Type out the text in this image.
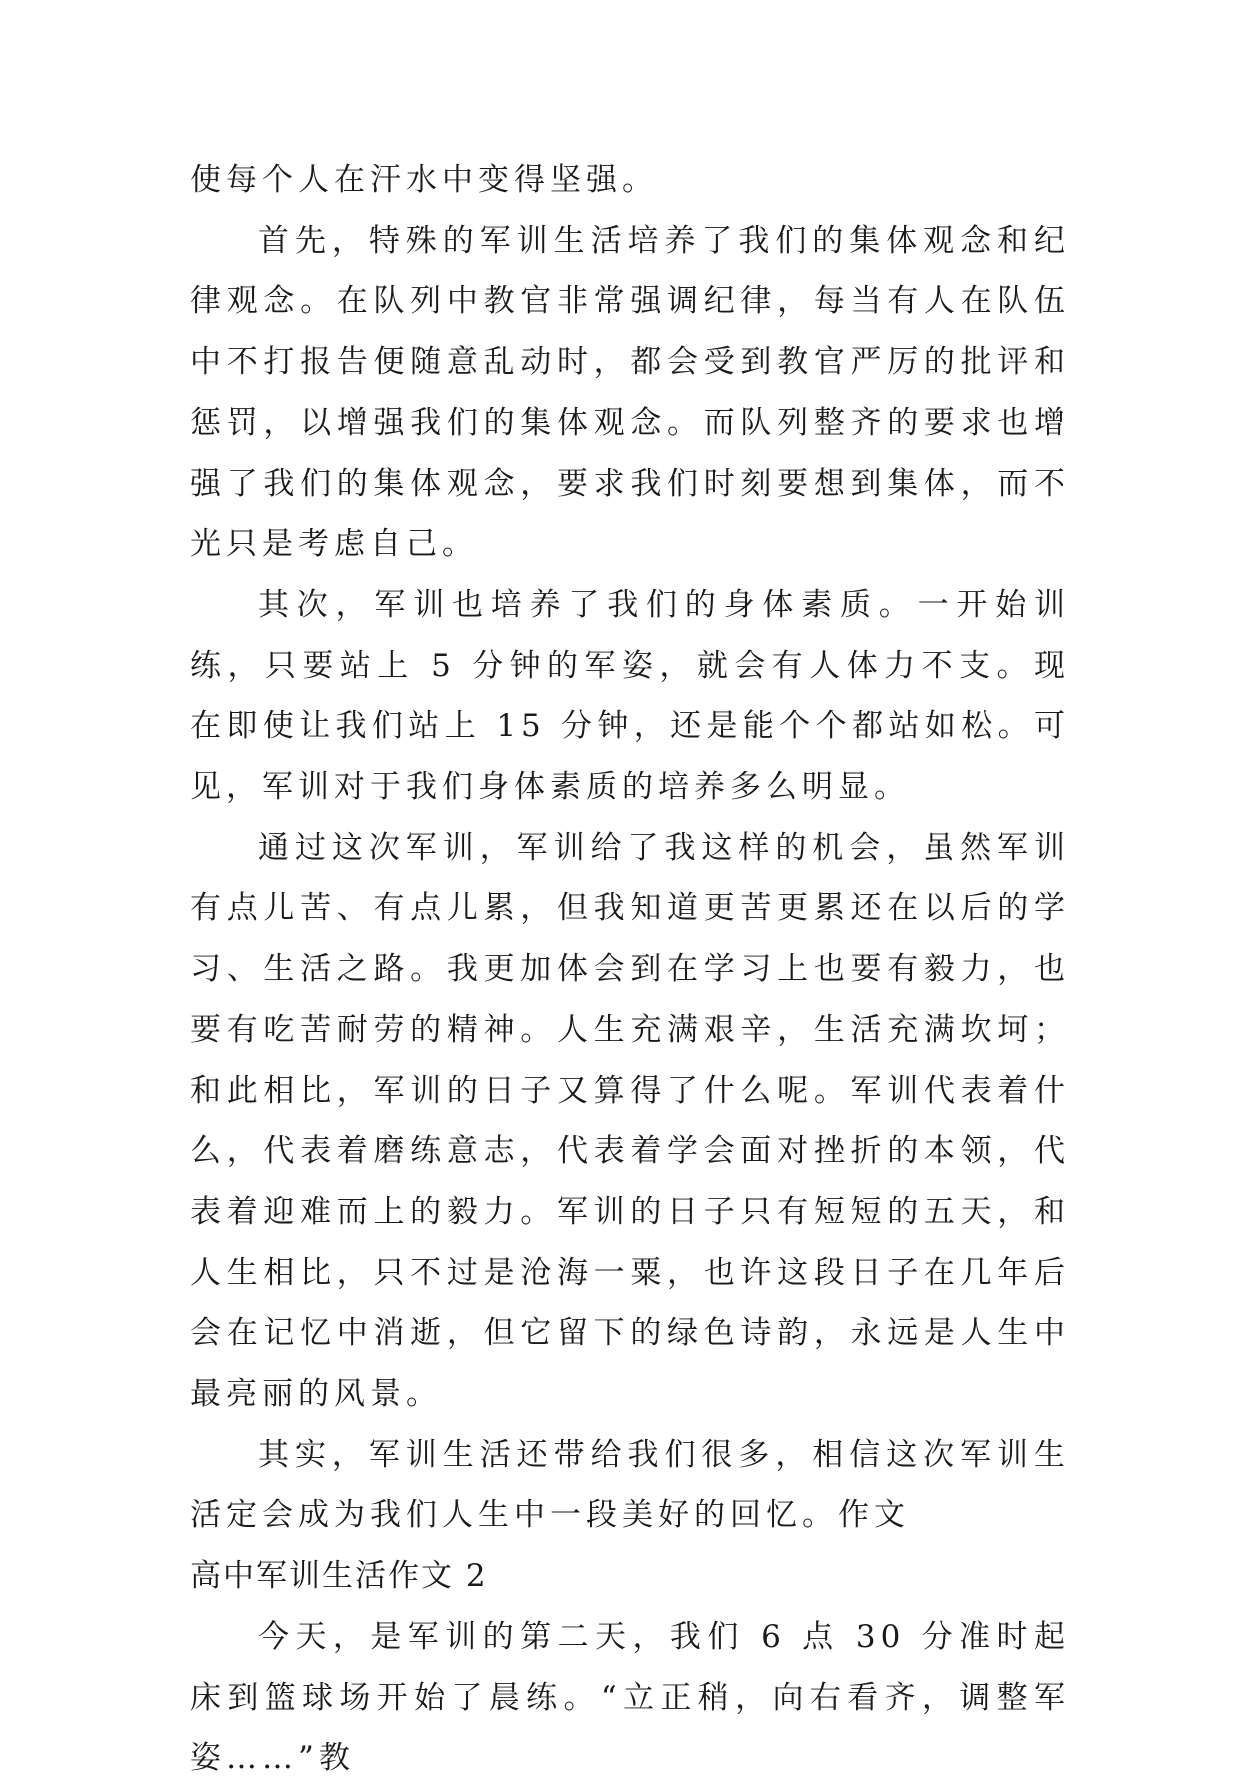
使每个人在汗水中变得坚强。

首先，特殊的军训生活培养了我们的集体观念和纪律观念。在队列中教官非常强调纪律，每当有人在队伍中不打报告便随意乱动时，都会受到教官严厉的批评和惩罚，以增强我们的集体观念。而队列整齐的要求也增强了我们的集体观念，要求我们时刻要想到集体，而不光只是考虑自己。

其次，军训也培养了我们的身体素质。一开始训练，只要站上 5 分钟的军姿，就会有人体力不支。现在即使让我们站上 15 分钟，还是能个个都站如松。可见，军训对于我们身体素质的培养多么明显。

通过这次军训，军训给了我这样的机会，虽然军训有点儿苦、有点儿累，但我知道更苦更累还在以后的学习、生活之路。我更加体会到在学习上也要有毅力，也要有吃苦耐劳的精神。人生充满艰辛，生活充满坎坷；和此相比，军训的日子又算得了什么呢。军训代表着什么，代表着磨练意志，代表着学会面对挫折的本领，代表着迎难而上的毅力。军训的日子只有短短的五天，和人生相比，只不过是沧海一粟，也许这段日子在几年后会在记忆中消逝，但它留下的绿色诗韵，永远是人生中最亮丽的风景。

其实，军训生活还带给我们很多，相信这次军训生活定会成为我们人生中一段美好的回忆。作文

高中军训生活作文 2

今天，是军训的第二天，我们 6 点 30 分准时起床到篮球场开始了晨练。“立正稍，向右看齐，调整军姿……”教
